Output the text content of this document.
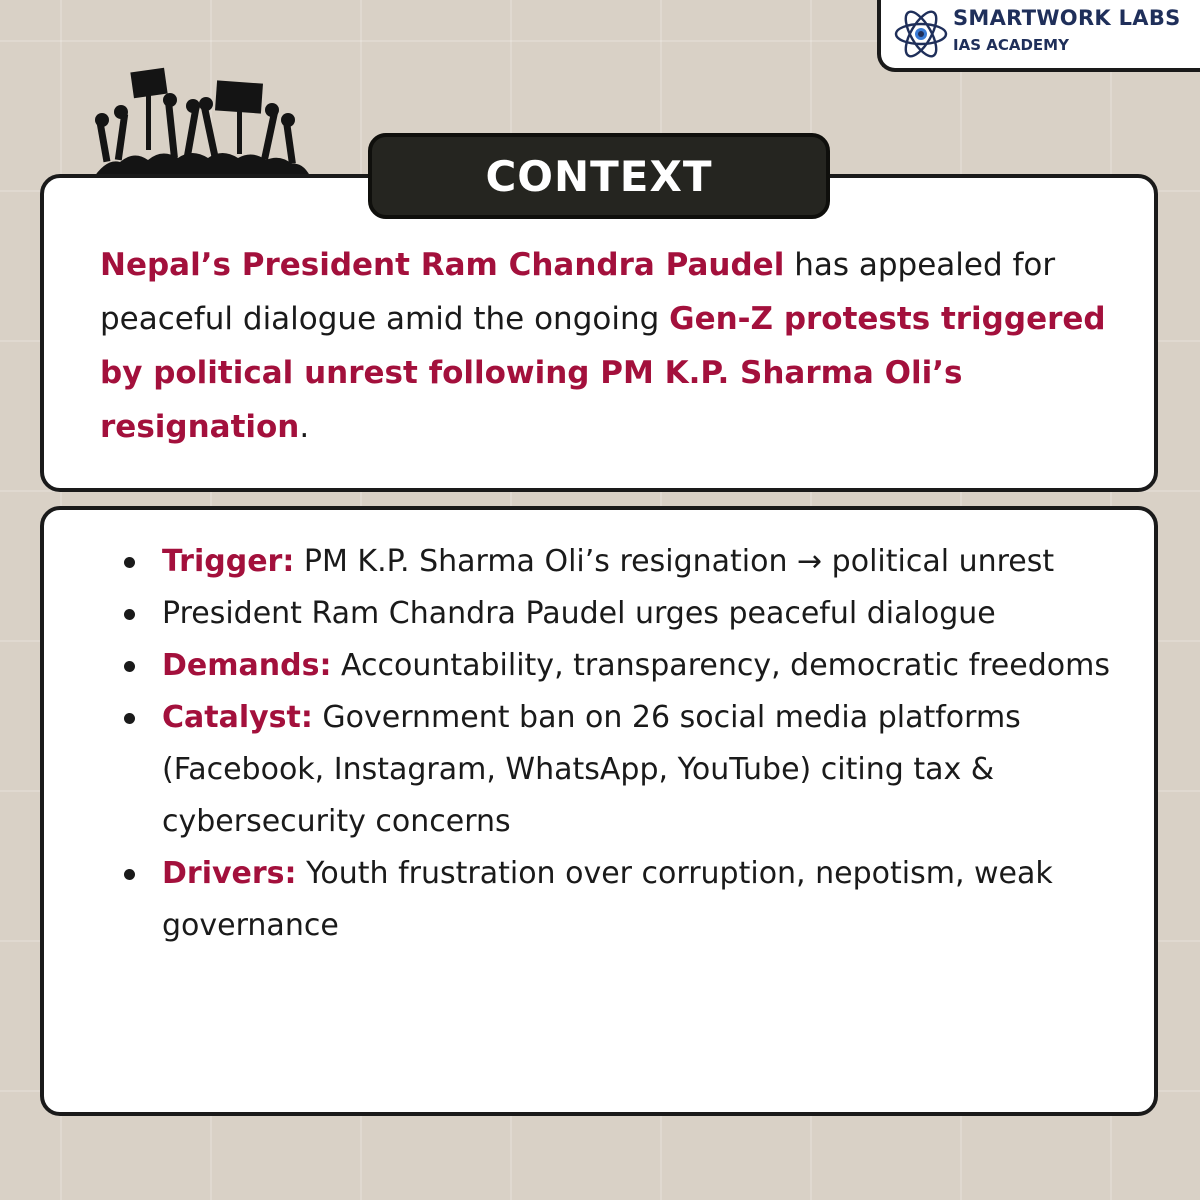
SMARTWORK LABS
IAS ACADEMY

Nepal’s President Ram Chandra Paudel has appealed for peaceful dialogue amid the ongoing Gen-Z protests triggered by political unrest following PM K.P. Sharma Oli’s resignation.

CONTEXT
Trigger: PM K.P. Sharma Oli’s resignation → political unrest
President Ram Chandra Paudel urges peaceful dialogue
Demands: Accountability, transparency, democratic freedoms
Catalyst: Government ban on 26 social media platforms (Facebook, Instagram, WhatsApp, YouTube) citing tax & cybersecurity concerns
Drivers: Youth frustration over corruption, nepotism, weak governance
